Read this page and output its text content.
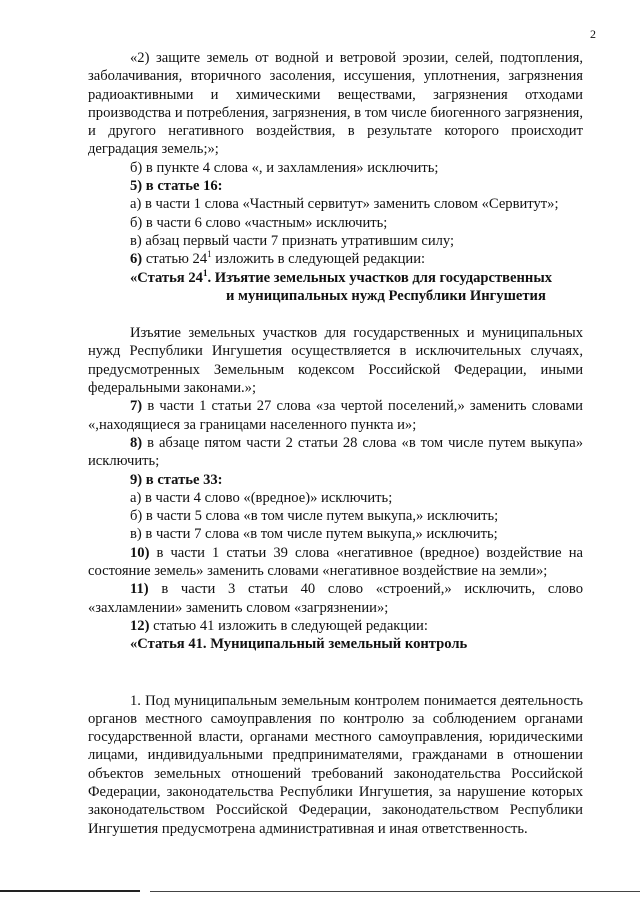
2

«2) защите земель от водной и ветровой эрозии, селей, подтопления, заболачивания, вторичного засоления, иссушения, уплотнения, загрязнения радиоактивными и химическими веществами, загрязнения отходами производства и потребления, загрязнения, в том числе биогенного загрязнения, и другого негативного воздействия, в результате которого происходит деградация земель;»;

б) в пункте 4 слова «, и захламления» исключить;

5) в статье 16:

а) в части 1 слова «Частный сервитут» заменить словом «Сервитут»;

б) в части 6 слово «частным» исключить;

в) абзац первый части 7 признать утратившим силу;

6) статью $24^1$ изложить в следующей редакции:

«Статья $24^1$. Изъятие земельных участков для государственных
и муниципальных нужд Республики Ингушетия

Изъятие земельных участков для государственных и муниципальных нужд Республики Ингушетия осуществляется в исключительных случаях, предусмотренных Земельным кодексом Российской Федерации, иными федеральными законами.»;

7) в части 1 статьи 27 слова «за чертой поселений,» заменить словами «,находящиеся за границами населенного пункта и»;

8) в абзаце пятом части 2 статьи 28 слова «в том числе путем выкупа» исключить;

9) в статье 33:

а) в части 4 слово «(вредное)» исключить;

б) в части 5 слова «в том числе путем выкупа,» исключить;

в) в части 7 слова «в том числе путем выкупа,» исключить;

10) в части 1 статьи 39 слова «негативное (вредное) воздействие на состояние земель» заменить словами «негативное воздействие на земли»;

11) в части 3 статьи 40 слово «строений,» исключить, слово «захламлении» заменить словом «загрязнении»;

12) статью 41 изложить в следующей редакции:

«Статья 41. Муниципальный земельный контроль

1. Под муниципальным земельным контролем понимается деятельность органов местного самоуправления по контролю за соблюдением органами государственной власти, органами местного самоуправления, юридическими лицами, индивидуальными предпринимателями, гражданами в отношении объектов земельных отношений требований законодательства Российской Федерации, законодательства Республики Ингушетия, за нарушение которых законодательством Российской Федерации, законодательством Республики Ингушетия предусмотрена административная и иная ответственность.
